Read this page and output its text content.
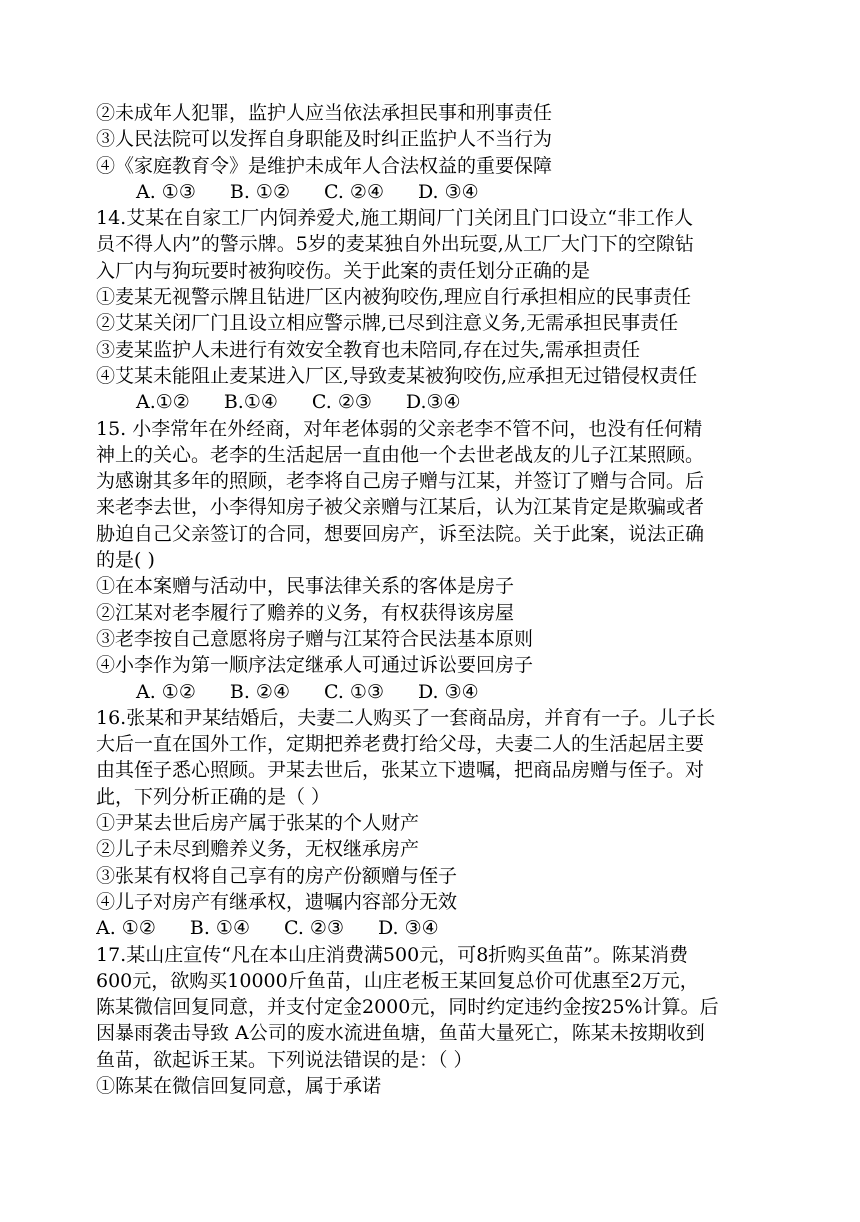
②未成年人犯罪，监护人应当依法承担民事和刑事责任
③人民法院可以发挥自身职能及时纠正监护人不当行为
④《家庭教育令》是维护未成年人合法权益的重要保障
A. ①③ B. ①② C. ②④ D. ③④
14.艾某在自家工厂内饲养爱犬,施工期间厂门关闭且门口设立“非工作人
员不得人内”的警示牌。5岁的麦某独自外出玩耍,从工厂大门下的空隙钻
入厂内与狗玩要时被狗咬伤。关于此案的责任划分正确的是
①麦某无视警示牌且钻进厂区内被狗咬伤,理应自行承担相应的民事责任
②艾某关闭厂门且设立相应警示牌,已尽到注意义务,无需承担民事责任
③麦某监护人未进行有效安全教育也未陪同,存在过失,需承担责任
④艾某未能阻止麦某进入厂区,导致麦某被狗咬伤,应承担无过错侵权责任
A.①② B.①④ C. ②③ D.③④
15. 小李常年在外经商，对年老体弱的父亲老李不管不问，也没有任何精
神上的关心。老李的生活起居一直由他一个去世老战友的儿子江某照顾。
为感谢其多年的照顾，老李将自己房子赠与江某，并签订了赠与合同。后
来老李去世，小李得知房子被父亲赠与江某后，认为江某肯定是欺骗或者
胁迫自己父亲签订的合同，想要回房产，诉至法院。关于此案，说法正确
的是( )
①在本案赠与活动中，民事法律关系的客体是房子
②江某对老李履行了赡养的义务，有权获得该房屋
③老李按自己意愿将房子赠与江某符合民法基本原则
④小李作为第一顺序法定继承人可通过诉讼要回房子
A. ①② B. ②④ C. ①③ D. ③④
16.张某和尹某结婚后，夫妻二人购买了一套商品房，并育有一子。儿子长
大后一直在国外工作，定期把养老费打给父母，夫妻二人的生活起居主要
由其侄子悉心照顾。尹某去世后，张某立下遗嘱，把商品房赠与侄子。对
此，下列分析正确的是（ ）
①尹某去世后房产属于张某的个人财产
②儿子未尽到赡养义务，无权继承房产
③张某有权将自己享有的房产份额赠与侄子
④儿子对房产有继承权，遗嘱内容部分无效
A. ①② B. ①④ C. ②③ D. ③④
17.某山庄宣传“凡在本山庄消费满500元，可8折购买鱼苗”。陈某消费
600元，欲购买10000斤鱼苗，山庄老板王某回复总价可优惠至2万元，
陈某微信回复同意，并支付定金2000元，同时约定违约金按25%计算。后
因暴雨袭击导致 A公司的废水流进鱼塘，鱼苗大量死亡，陈某未按期收到
鱼苗，欲起诉王某。下列说法错误的是：（ ）
①陈某在微信回复同意，属于承诺
